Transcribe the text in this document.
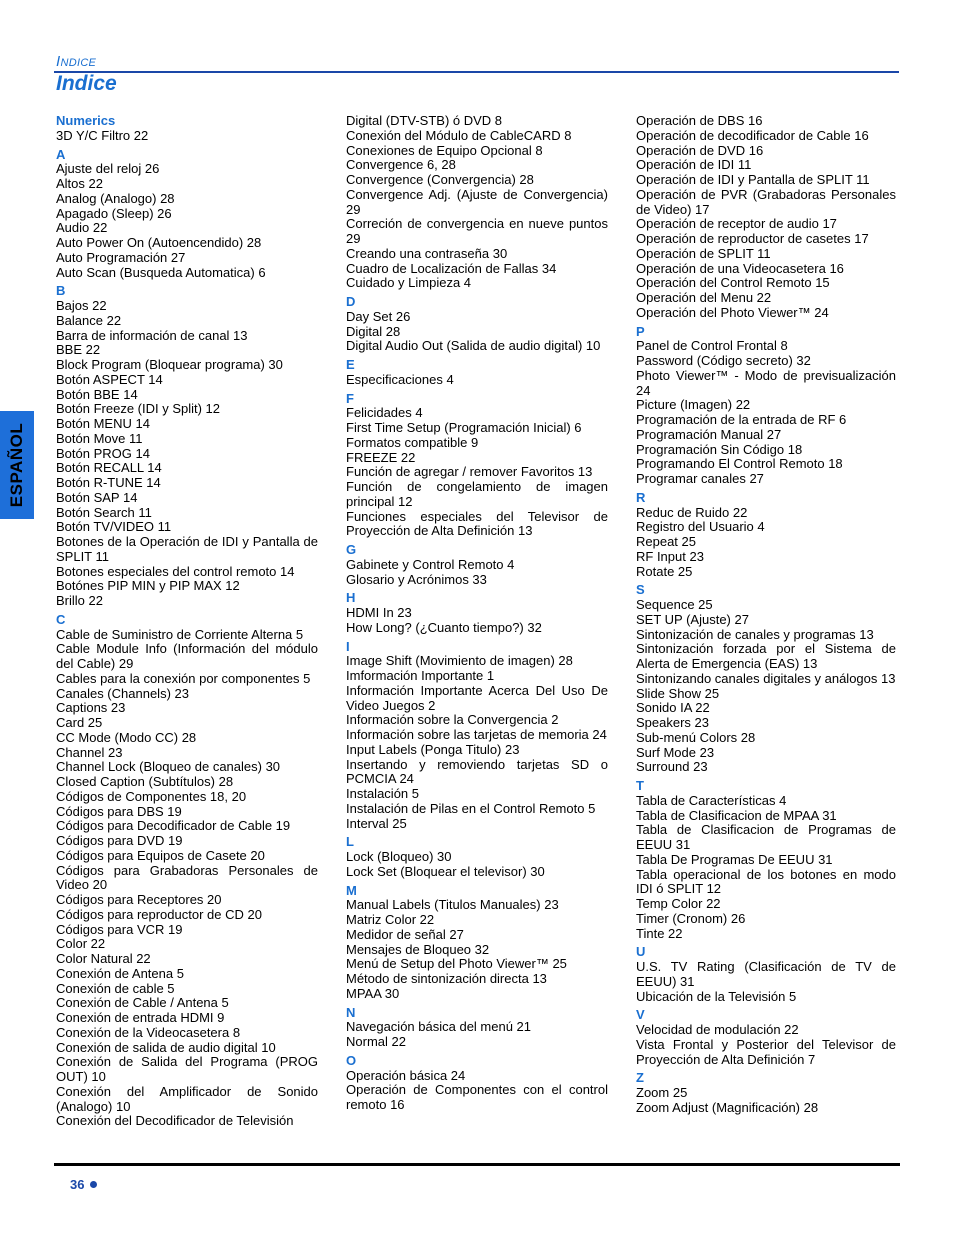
INDICE
Indice
ESPAÑOL
Numerics
3D Y/C Filtro 22
A
Ajuste del reloj 26
Altos 22
Analog (Analogo) 28
Apagado (Sleep) 26
Audio 22
Auto Power On (Autoencendido) 28
Auto Programación 27
Auto Scan (Busqueda Automatica) 6
B
Bajos 22
Balance 22
Barra de información de canal 13
BBE 22
Block Program (Bloquear programa) 30
Botón ASPECT 14
Botón BBE 14
Botón Freeze (IDI y Split) 12
Botón MENU 14
Botón Move 11
Botón PROG 14
Botón RECALL 14
Botón R-TUNE 14
Botón SAP 14
Botón Search 11
Botón TV/VIDEO 11
Botones de la Operación de IDI y Pantalla de SPLIT 11
Botones especiales del control remoto 14
Botónes PIP MIN y PIP MAX 12
Brillo 22
C
Cable de Suministro de Corriente Alterna 5
Cable Module Info (Información del módulo del Cable) 29
Cables para la conexión por componentes 5
Canales (Channels) 23
Captions 23
Card 25
CC Mode (Modo CC) 28
Channel 23
Channel Lock (Bloqueo de canales) 30
Closed Caption (Subtítulos) 28
Códigos de Componentes 18, 20
Códigos para DBS 19
Códigos para Decodificador de Cable 19
Códigos para DVD 19
Códigos para Equipos de Casete 20
Códigos para Grabadoras Personales de Video 20
Códigos para Receptores 20
Códigos para reproductor de CD 20
Códigos para VCR 19
Color 22
Color Natural 22
Conexión de Antena 5
Conexión de cable 5
Conexión de Cable / Antena 5
Conexión de entrada HDMI 9
Conexión de la Videocasetera 8
Conexión de salida de audio digital 10
Conexión de Salida del Programa (PROG OUT) 10
Conexión del Amplificador de Sonido (Analogo) 10
Conexión del Decodificador de Televisión
Digital (DTV-STB) ó DVD 8
Conexión del Módulo de CableCARD 8
Conexiones de Equipo Opcional 8
Convergence 6, 28
Convergence (Convergencia) 28
Convergence Adj. (Ajuste de Convergencia) 29
Correción de convergencia en nueve puntos 29
Creando una contraseña 30
Cuadro de Localización de Fallas 34
Cuidado y Limpieza 4
D
Day Set 26
Digital 28
Digital Audio Out (Salida de audio digital) 10
E
Especificaciones 4
F
Felicidades 4
First Time Setup (Programación Inicial) 6
Formatos compatible 9
FREEZE 22
Función de agregar / remover Favoritos 13
Función de congelamiento de imagen principal 12
Funciones especiales del Televisor de Proyección de Alta Definición 13
G
Gabinete y Control Remoto 4
Glosario y Acrónimos 33
H
HDMI In 23
How Long? (¿Cuanto tiempo?) 32
I
Image Shift (Movimiento de imagen) 28
Imformación Importante 1
Información Importante Acerca Del Uso De Video Juegos 2
Información sobre la Convergencia 2
Información sobre las tarjetas de memoria 24
Input Labels (Ponga Titulo) 23
Insertando y removiendo tarjetas SD o PCMCIA 24
Instalación 5
Instalación de Pilas en el Control Remoto 5
Interval 25
L
Lock (Bloqueo) 30
Lock Set (Bloquear el televisor) 30
M
Manual Labels (Titulos Manuales) 23
Matriz Color 22
Medidor de señal 27
Mensajes de Bloqueo 32
Menú de Setup del Photo Viewer™ 25
Método de sintonización directa 13
MPAA 30
N
Navegación básica del menú 21
Normal 22
O
Operación básica 24
Operación de Componentes con el control remoto 16
Operación de DBS 16
Operación de decodificador de Cable 16
Operación de DVD 16
Operación de IDI 11
Operación de IDI y Pantalla de SPLIT 11
Operación de PVR (Grabadoras Personales de Video) 17
Operación de receptor de audio 17
Operación de reproductor de casetes 17
Operación de SPLIT 11
Operación de una Videocasetera 16
Operación del Control Remoto 15
Operación del Menu 22
Operación del Photo Viewer™ 24
P
Panel de Control Frontal 8
Password (Código secreto) 32
Photo Viewer™ - Modo de previsualización 24
Picture (Imagen) 22
Programación de la entrada de RF 6
Programación Manual 27
Programación Sin Código 18
Programando El Control Remoto 18
Programar canales 27
R
Reduc de Ruido 22
Registro del Usuario 4
Repeat 25
RF Input 23
Rotate 25
S
Sequence 25
SET UP (Ajuste) 27
Sintonización de canales y programas 13
Sintonización forzada por el Sistema de Alerta de Emergencia (EAS) 13
Sintonizando canales digitales y análogos 13
Slide Show 25
Sonido IA 22
Speakers 23
Sub-menú Colors 28
Surf Mode 23
Surround 23
T
Tabla de Características 4
Tabla de Clasificacion de MPAA 31
Tabla de Clasificacion de Programas de EEUU 31
Tabla De Programas De EEUU 31
Tabla operacional de los botones en modo IDI ó SPLIT 12
Temp Color 22
Timer (Cronom) 26
Tinte 22
U
U.S. TV Rating (Clasificación de TV de EEUU) 31
Ubicación de la Televisión 5
V
Velocidad de modulación 22
Vista Frontal y Posterior del Televisor de Proyección de Alta Definición 7
Z
Zoom 25
Zoom Adjust (Magnificación) 28
36
